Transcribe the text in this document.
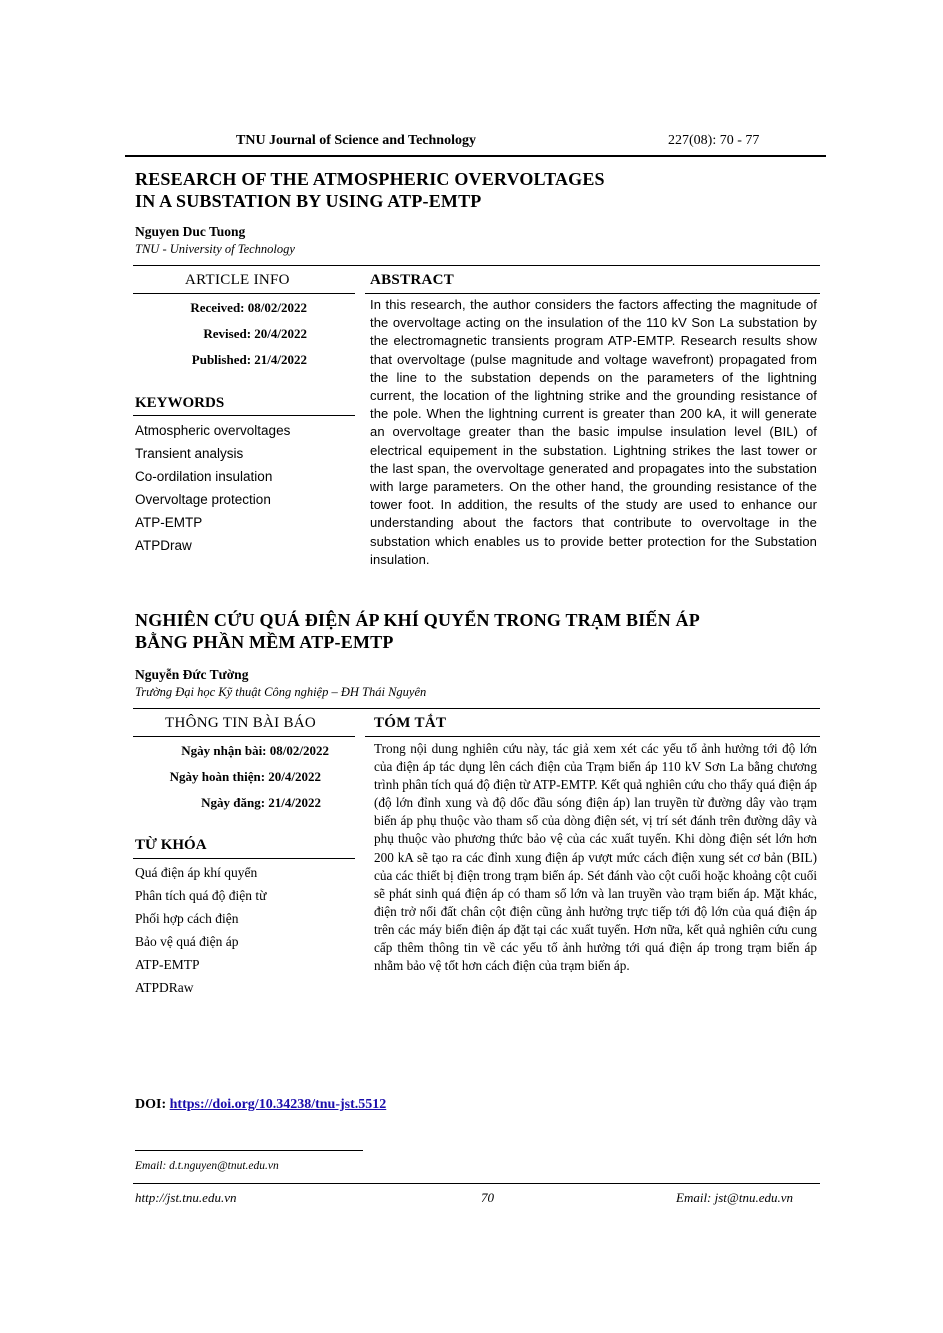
TNU Journal of Science and Technology	227(08): 70 - 77
RESEARCH OF THE ATMOSPHERIC OVERVOLTAGES
IN A SUBSTATION BY USING ATP-EMTP
Nguyen Duc Tuong
TNU - University of Technology
ARTICLE INFO	ABSTRACT
Received: 08/02/2022
Revised: 20/4/2022
Published: 21/4/2022
KEYWORDS
Atmospheric overvoltages
Transient analysis
Co-ordilation insulation
Overvoltage protection
ATP-EMTP
ATPDraw
In this research, the author considers the factors affecting the magnitude of the overvoltage acting on the insulation of the 110 kV Son La substation by the electromagnetic transients program ATP-EMTP. Research results show that overvoltage (pulse magnitude and voltage wavefront) propagated from the line to the substation depends on the parameters of the lightning current, the location of the lightning strike and the grounding resistance of the pole. When the lightning current is greater than 200 kA, it will generate an overvoltage greater than the basic impulse insulation level (BIL) of electrical equipement in the substation. Lightning strikes the last tower or the last span, the overvoltage generated and propagates into the substation with large parameters. On the other hand, the grounding resistance of the tower foot. In addition, the results of the study are used to enhance our understanding about the factors that contribute to overvoltage in the substation which enables us to provide better protection for the Substation insulation.
NGHIÊN CỨU QUÁ ĐIỆN ÁP KHÍ QUYỂN TRONG TRẠM BIẾN ÁP
BẰNG PHẦN MỀM ATP-EMTP
Nguyễn Đức Tường
Trường Đại học Kỹ thuật Công nghiệp – ĐH Thái Nguyên
THÔNG TIN BÀI BÁO	TÓM TẮT
Ngày nhận bài: 08/02/2022
Ngày hoàn thiện: 20/4/2022
Ngày đăng: 21/4/2022
TỪ KHÓA
Quá điện áp khí quyển
Phân tích quá độ điện từ
Phối hợp cách điện
Bảo vệ quá điện áp
ATP-EMTP
ATPDRaw
Trong nội dung nghiên cứu này, tác giả xem xét các yếu tố ảnh hưởng tới độ lớn của điện áp tác dụng lên cách điện của Trạm biến áp 110 kV Sơn La bằng chương trình phân tích quá độ điện từ ATP-EMTP. Kết quả nghiên cứu cho thấy quá điện áp (độ lớn đỉnh xung và độ dốc đầu sóng điện áp) lan truyền từ đường dây vào trạm biến áp phụ thuộc vào tham số của dòng điện sét, vị trí sét đánh trên đường dây và phụ thuộc vào phương thức bảo vệ của các xuất tuyến. Khi dòng điện sét lớn hơn 200 kA sẽ tạo ra các đỉnh xung điện áp vượt mức cách điện xung sét cơ bản (BIL) của các thiết bị điện trong trạm biến áp. Sét đánh vào cột cuối hoặc khoảng cột cuối sẽ phát sinh quá điện áp có tham số lớn và lan truyền vào trạm biến áp. Mặt khác, điện trở nối đất chân cột điện cũng ảnh hưởng trực tiếp tới độ lớn của quá điện áp trên các máy biến điện áp đặt tại các xuất tuyến. Hơn nữa, kết quả nghiên cứu cung cấp thêm thông tin về các yếu tố ảnh hưởng tới quá điện áp trong trạm biến áp nhằm bảo vệ tốt hơn cách điện của trạm biến áp.
DOI: https://doi.org/10.34238/tnu-jst.5512
Email: d.t.nguyen@tnut.edu.vn
http://jst.tnu.edu.vn	70	Email: jst@tnu.edu.vn
